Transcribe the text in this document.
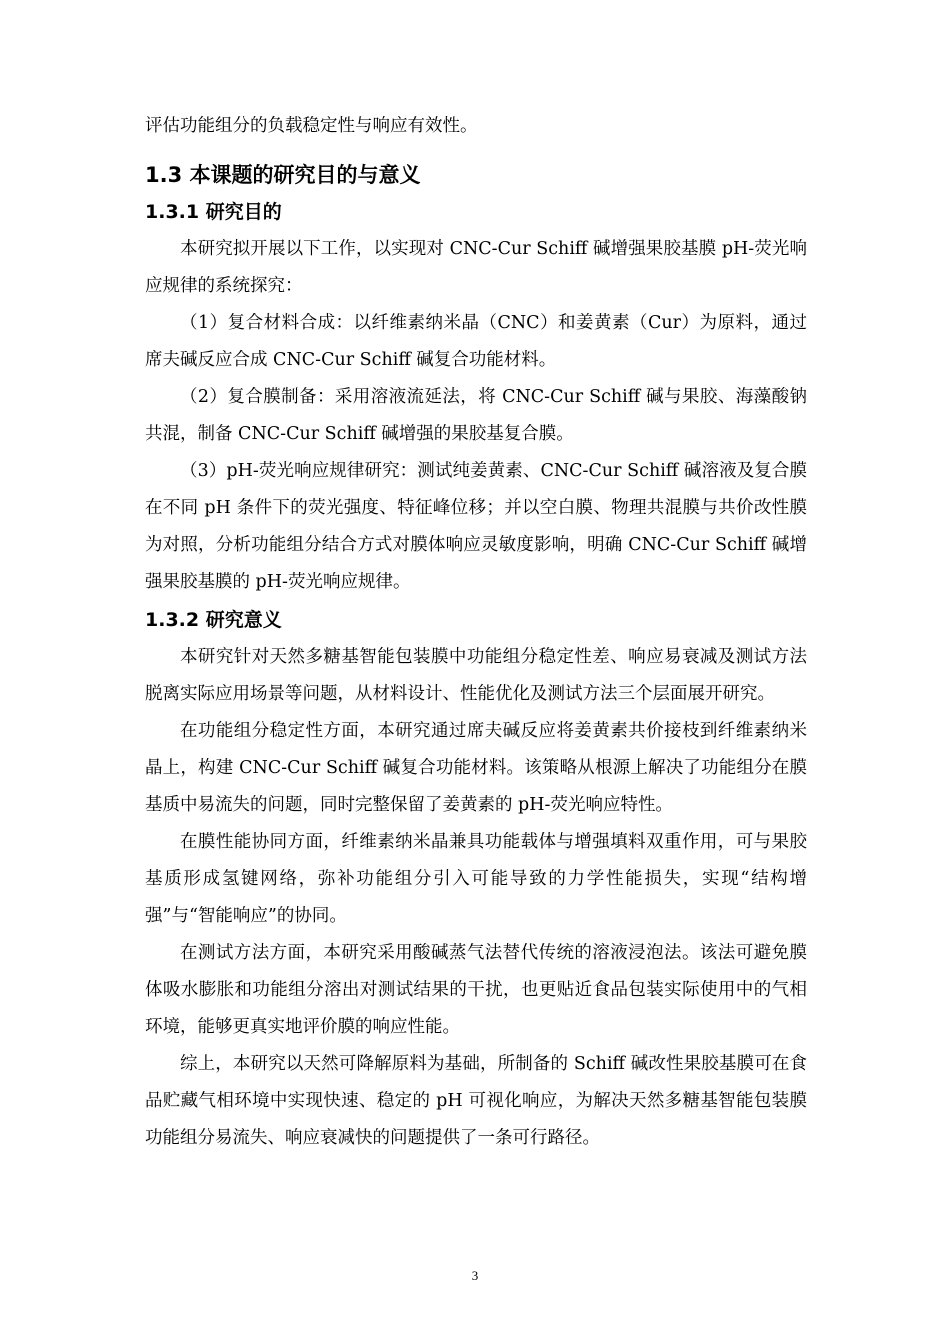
评估功能组分的负载稳定性与响应有效性。

1.3 本课题的研究目的与意义
1.3.1 研究目的

本研究拟开展以下工作，以实现对 CNC-Cur Schiff 碱增强果胶基膜 pH-荧光响应规律的系统探究：

（1）复合材料合成：以纤维素纳米晶（CNC）和姜黄素（Cur）为原料，通过席夫碱反应合成 CNC-Cur Schiff 碱复合功能材料。

（2）复合膜制备：采用溶液流延法，将 CNC-Cur Schiff 碱与果胶、海藻酸钠共混，制备 CNC-Cur Schiff 碱增强的果胶基复合膜。

（3）pH-荧光响应规律研究：测试纯姜黄素、CNC-Cur Schiff 碱溶液及复合膜在不同 pH 条件下的荧光强度、特征峰位移；并以空白膜、物理共混膜与共价改性膜为对照，分析功能组分结合方式对膜体响应灵敏度影响，明确 CNC-Cur Schiff 碱增强果胶基膜的 pH-荧光响应规律。

1.3.2 研究意义

本研究针对天然多糖基智能包装膜中功能组分稳定性差、响应易衰减及测试方法脱离实际应用场景等问题，从材料设计、性能优化及测试方法三个层面展开研究。

在功能组分稳定性方面，本研究通过席夫碱反应将姜黄素共价接枝到纤维素纳米晶上，构建 CNC-Cur Schiff 碱复合功能材料。该策略从根源上解决了功能组分在膜基质中易流失的问题，同时完整保留了姜黄素的 pH-荧光响应特性。

在膜性能协同方面，纤维素纳米晶兼具功能载体与增强填料双重作用，可与果胶基质形成氢键网络，弥补功能组分引入可能导致的力学性能损失，实现“结构增强”与“智能响应”的协同。

在测试方法方面，本研究采用酸碱蒸气法替代传统的溶液浸泡法。该法可避免膜体吸水膨胀和功能组分溶出对测试结果的干扰，也更贴近食品包装实际使用中的气相环境，能够更真实地评价膜的响应性能。

综上，本研究以天然可降解原料为基础，所制备的 Schiff 碱改性果胶基膜可在食品贮藏气相环境中实现快速、稳定的 pH 可视化响应，为解决天然多糖基智能包装膜功能组分易流失、响应衰减快的问题提供了一条可行路径。

3
